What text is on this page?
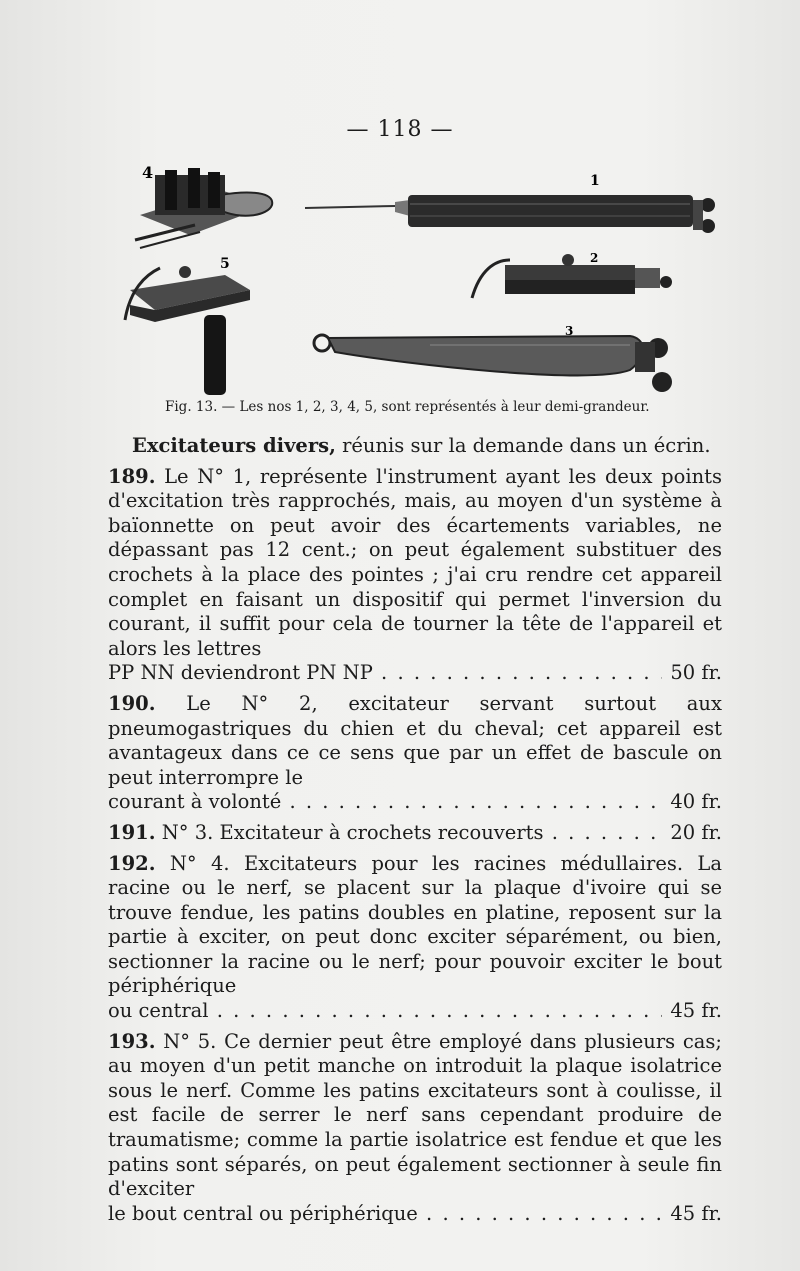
— 118 —
4	1
5	2
3
Fig. 13. — Les nos 1, 2, 3, 4, 5, sont représentés à leur demi-grandeur.

Excitateurs divers, réunis sur la demande dans un écrin.

189. Le N° 1, représente l'instrument ayant les deux points d'excitation très rapprochés, mais, au moyen d'un système à baïonnette on peut avoir des écartements variables, ne dépassant pas 12 cent.; on peut également substituer des crochets à la place des pointes ; j'ai cru rendre cet appareil complet en faisant un dispositif qui permet l'inversion du courant, il suffit pour cela de tourner la tête de l'appareil et alors les lettres
PP NN deviendront PN NP . . .	50 fr.
190. Le N° 2, excitateur servant surtout aux pneumogastriques du chien et du cheval; cet appareil est avantageux dans ce ce sens que par un effet de bascule on peut interrompre le
courant à volonté . . .	40 fr.
191. N° 3. Excitateur à crochets recouverts . . .	20 fr.
192. N° 4. Excitateurs pour les racines médullaires. La racine ou le nerf, se placent sur la plaque d'ivoire qui se trouve fendue, les patins doubles en platine, reposent sur la partie à exciter, on peut donc exciter séparément, ou bien, sectionner la racine ou le nerf; pour pouvoir exciter le bout périphérique
ou central . . .	45 fr.
193. N° 5. Ce dernier peut être employé dans plusieurs cas; au moyen d'un petit manche on introduit la plaque isolatrice sous le nerf. Comme les patins excitateurs sont à coulisse, il est facile de serrer le nerf sans cependant produire de traumatisme; comme la partie isolatrice est fendue et que les patins sont séparés, on peut également sectionner à seule fin d'exciter
le bout central ou périphérique . . .	45 fr.
